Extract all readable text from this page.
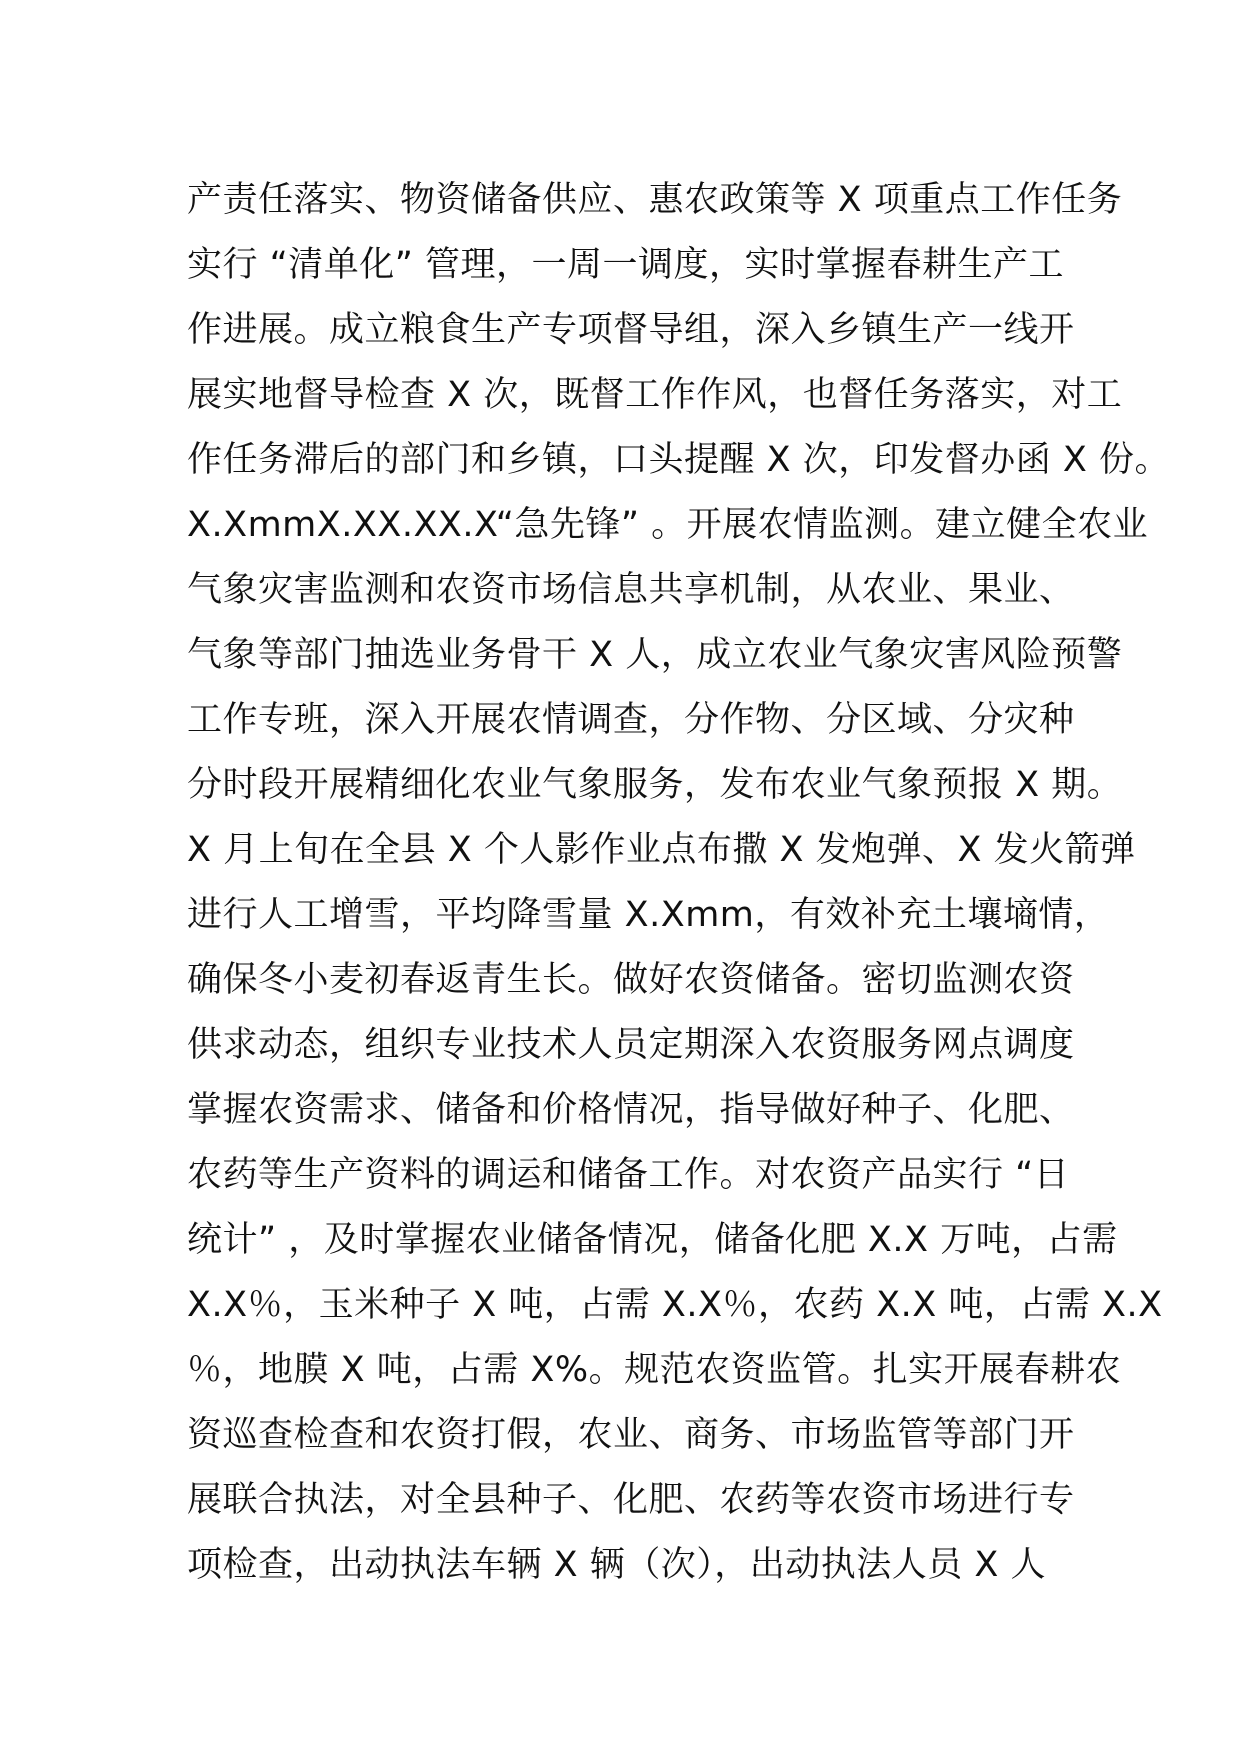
产责任落实、物资储备供应、惠农政策等 X 项重点工作任务
实行 “清单化” 管理，一周一调度，实时掌握春耕生产工
作进展。成立粮食生产专项督导组，深入乡镇生产一线开
展实地督导检查 X 次，既督工作作风，也督任务落实，对工
作任务滞后的部门和乡镇，口头提醒 X 次，印发督办函 X 份。
X.XmmX.XX.XX.X“急先锋” 。开展农情监测。建立健全农业
气象灾害监测和农资市场信息共享机制，从农业、果业、
气象等部门抽选业务骨干 X 人，成立农业气象灾害风险预警
工作专班，深入开展农情调查，分作物、分区域、分灾种
分时段开展精细化农业气象服务，发布农业气象预报 X 期。
X 月上旬在全县 X 个人影作业点布撒 X 发炮弹、X 发火箭弹
进行人工增雪，平均降雪量 X.Xmm，有效补充土壤墒情，
确保冬小麦初春返青生长。做好农资储备。密切监测农资
供求动态，组织专业技术人员定期深入农资服务网点调度
掌握农资需求、储备和价格情况，指导做好种子、化肥、
农药等生产资料的调运和储备工作。对农资产品实行 “日
统计” ，及时掌握农业储备情况，储备化肥 X.X 万吨，占需
X.X％，玉米种子 X 吨，占需 X.X％，农药 X.X 吨，占需 X.X
％，地膜 X 吨，占需 X%。规范农资监管。扎实开展春耕农
资巡查检查和农资打假，农业、商务、市场监管等部门开
展联合执法，对全县种子、化肥、农药等农资市场进行专
项检查，出动执法车辆 X 辆（次），出动执法人员 X 人
